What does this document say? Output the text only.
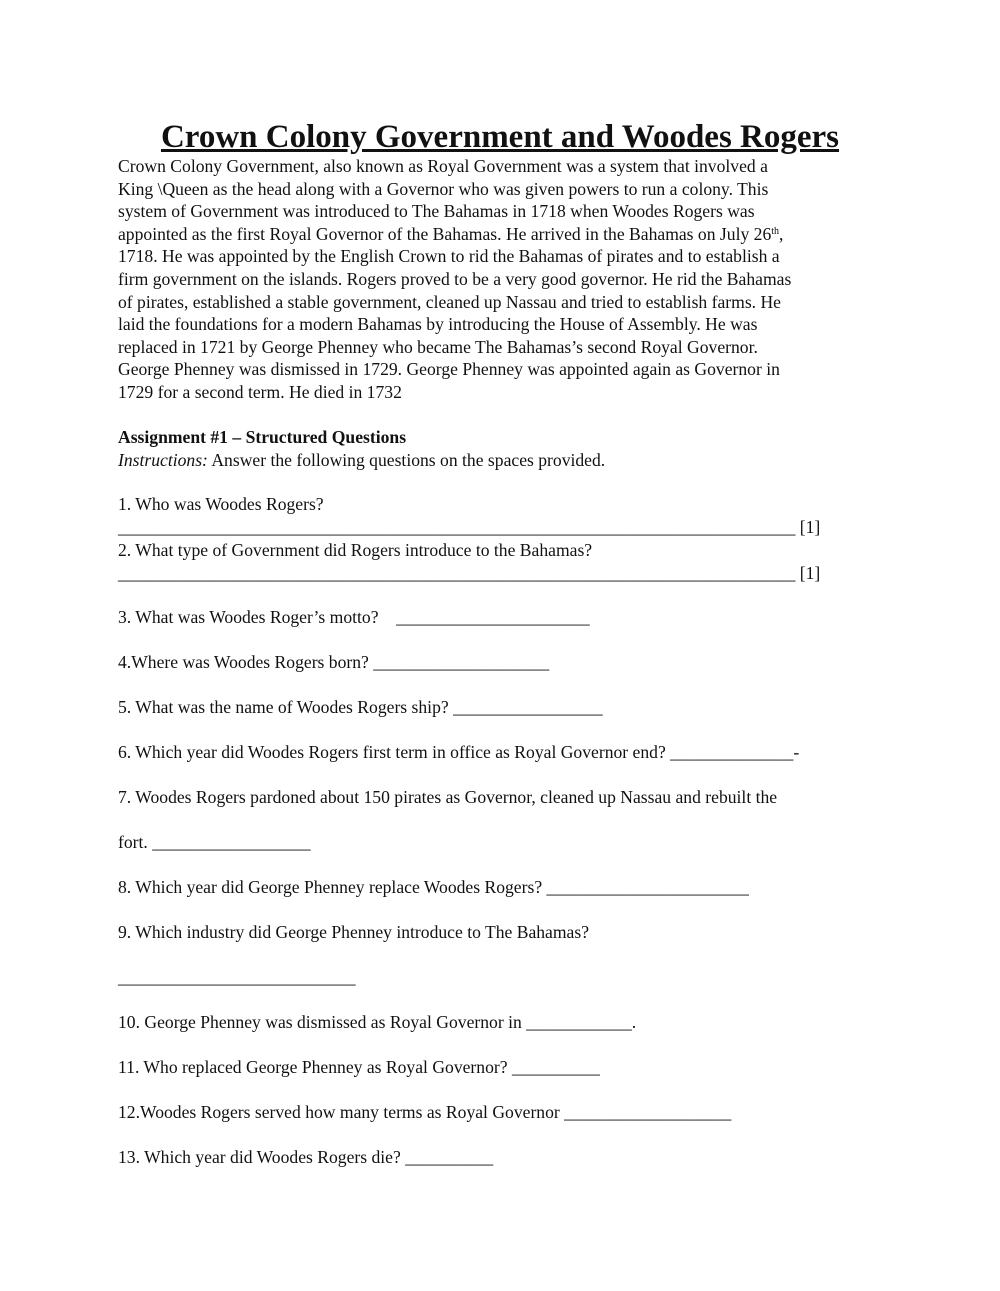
Crown Colony Government and Woodes Rogers

Crown Colony Government, also known as Royal Government was a system that involved a
King \Queen as the head along with a Governor who was given powers to run a colony. This
system of Government was introduced to The Bahamas in 1718 when Woodes Rogers was
appointed as the first Royal Governor of the Bahamas. He arrived in the Bahamas on July 26th,
1718. He was appointed by the English Crown to rid the Bahamas of pirates and to establish a
firm government on the islands. Rogers proved to be a very good governor. He rid the Bahamas
of pirates, established a stable government, cleaned up Nassau and tried to establish farms. He
laid the foundations for a modern Bahamas by introducing the House of Assembly. He was
replaced in 1721 by George Phenney who became The Bahamas’s second Royal Governor.
George Phenney was dismissed in 1729. George Phenney was appointed again as Governor in
1729 for a second term. He died in 1732

Assignment #1 – Structured Questions

Instructions: Answer the following questions on the spaces provided.

1. Who was Woodes Rogers?

_____________________________________________________________________________ [1]

2. What type of Government did Rogers introduce to the Bahamas?

_____________________________________________________________________________ [1]

3. What was Woodes Roger’s motto?    ______________________

4.Where was Woodes Rogers born? ____________________

5. What was the name of Woodes Rogers ship? _________________

6. Which year did Woodes Rogers first term in office as Royal Governor end? ______________-

7. Woodes Rogers pardoned about 150 pirates as Governor, cleaned up Nassau and rebuilt the

fort. __________________

8. Which year did George Phenney replace Woodes Rogers? _______________________

9. Which industry did George Phenney introduce to The Bahamas?

___________________________

10. George Phenney was dismissed as Royal Governor in ____________.

11. Who replaced George Phenney as Royal Governor? __________

12.Woodes Rogers served how many terms as Royal Governor ___________________

13. Which year did Woodes Rogers die? __________
